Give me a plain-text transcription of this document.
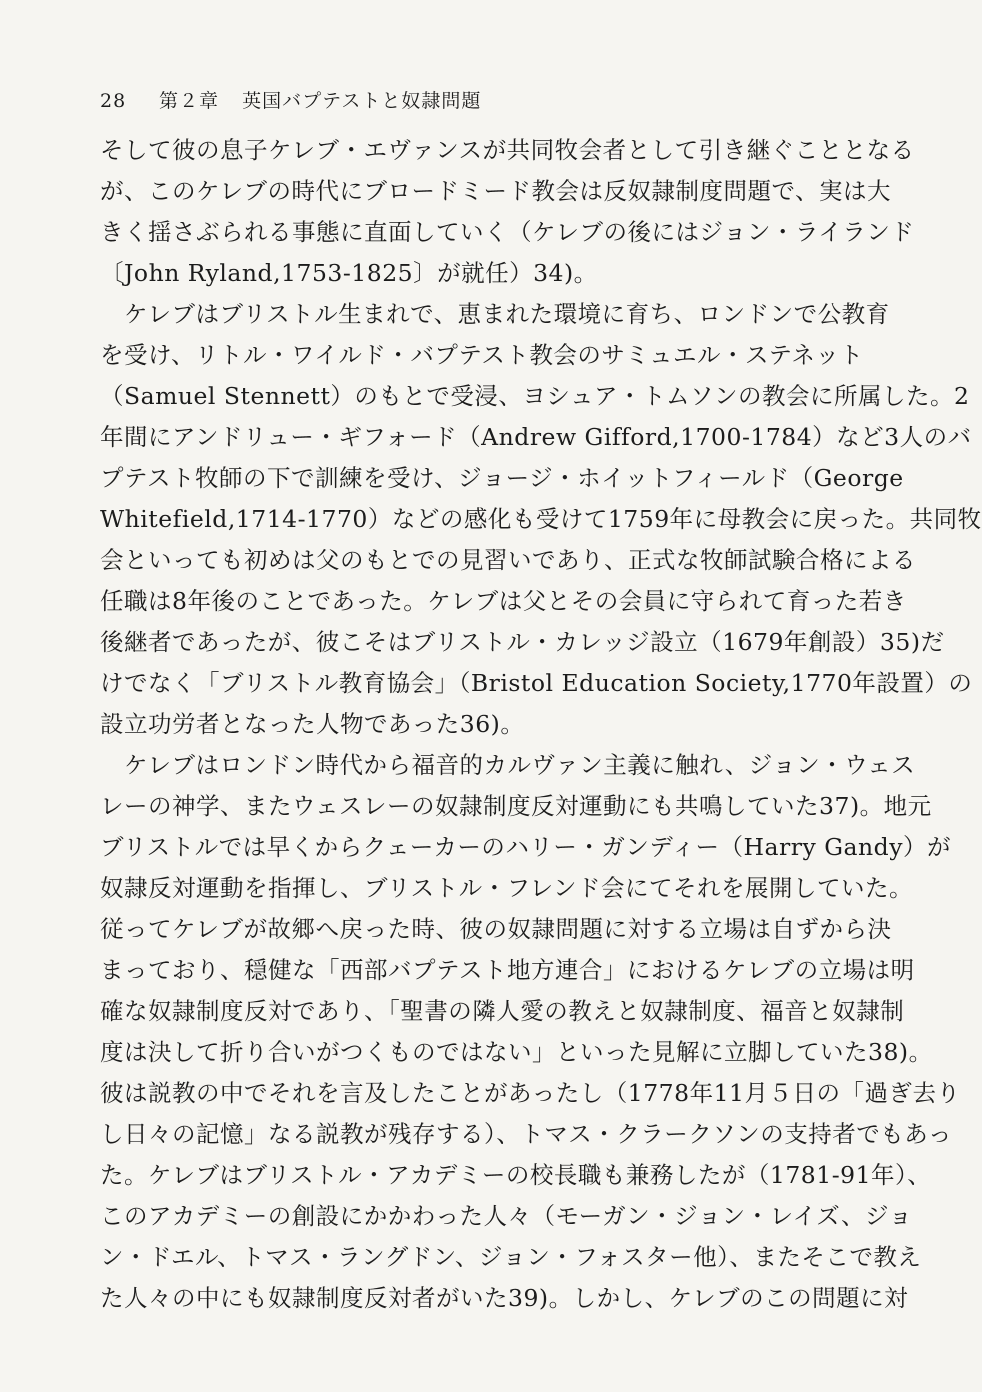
28 第２章 英国バプテストと奴隷問題
そして彼の息子ケレブ・エヴァンスが共同牧会者として引き継ぐこととなる
が、このケレブの時代にブロードミード教会は反奴隷制度問題で、実は大
きく揺さぶられる事態に直面していく（ケレブの後にはジョン・ライランド
〔John Ryland,1753-1825〕が就任）34)。
ケレブはブリストル生まれで、恵まれた環境に育ち、ロンドンで公教育
を受け、リトル・ワイルド・バプテスト教会のサミュエル・ステネット
（Samuel Stennett）のもとで受浸、ヨシュア・トムソンの教会に所属した。2
年間にアンドリュー・ギフォード（Andrew Gifford,1700-1784）など3人のバ
プテスト牧師の下で訓練を受け、ジョージ・ホイットフィールド（George
Whitefield,1714-1770）などの感化も受けて1759年に母教会に戻った。共同牧
会といっても初めは父のもとでの見習いであり、正式な牧師試験合格による
任職は8年後のことであった。ケレブは父とその会員に守られて育った若き
後継者であったが、彼こそはブリストル・カレッジ設立（1679年創設）35)だ
けでなく「ブリストル教育協会」（Bristol Education Society,1770年設置）の
設立功労者となった人物であった36)。
ケレブはロンドン時代から福音的カルヴァン主義に触れ、ジョン・ウェス
レーの神学、またウェスレーの奴隷制度反対運動にも共鳴していた37)。地元
ブリストルでは早くからクェーカーのハリー・ガンディー（Harry Gandy）が
奴隷反対運動を指揮し、ブリストル・フレンド会にてそれを展開していた。
従ってケレブが故郷へ戻った時、彼の奴隷問題に対する立場は自ずから決
まっており、穏健な「西部バプテスト地方連合」におけるケレブの立場は明
確な奴隷制度反対であり、「聖書の隣人愛の教えと奴隷制度、福音と奴隷制
度は決して折り合いがつくものではない」といった見解に立脚していた38)。
彼は説教の中でそれを言及したことがあったし（1778年11月５日の「過ぎ去り
し日々の記憶」なる説教が残存する）、トマス・クラークソンの支持者でもあっ
た。ケレブはブリストル・アカデミーの校長職も兼務したが（1781-91年）、
このアカデミーの創設にかかわった人々（モーガン・ジョン・レイズ、ジョ
ン・ドエル、トマス・ラングドン、ジョン・フォスター他）、またそこで教え
た人々の中にも奴隷制度反対者がいた39)。しかし、ケレブのこの問題に対
